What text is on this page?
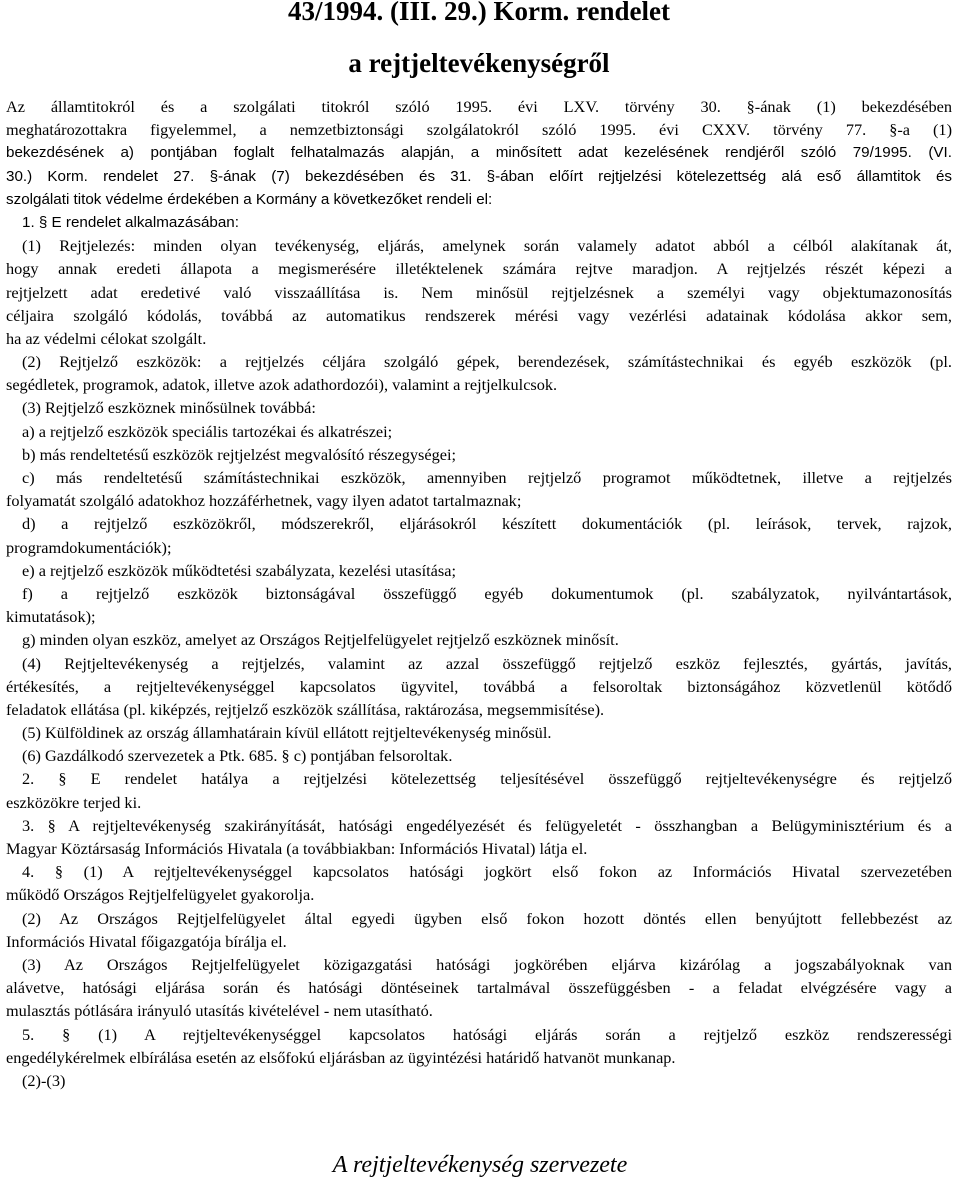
43/1994. (III. 29.) Korm. rendelet
a rejtjeltevékenységről
Az államtitokról és a szolgálati titokról szóló 1995. évi LXV. törvény 30. §-ának (1) bekezdésében
meghatározottakra figyelemmel, a nemzetbiztonsági szolgálatokról szóló 1995. évi CXXV. törvény 77. §-a (1)
bekezdésének a) pontjában foglalt felhatalmazás alapján, a minősített adat kezelésének rendjéről szóló 79/1995. (VI.
30.) Korm. rendelet 27. §-ának (7) bekezdésében és 31. §-ában előírt rejtjelzési kötelezettség alá eső államtitok és
szolgálati titok védelme érdekében a Kormány a következőket rendeli el:
1. § E rendelet alkalmazásában:
(1) Rejtjelezés: minden olyan tevékenység, eljárás, amelynek során valamely adatot abból a célból alakítanak át,
hogy annak eredeti állapota a megismerésére illetéktelenek számára rejtve maradjon. A rejtjelzés részét képezi a
rejtjelzett adat eredetivé való visszaállítása is. Nem minősül rejtjelzésnek a személyi vagy objektumazonosítás
céljaira szolgáló kódolás, továbbá az automatikus rendszerek mérési vagy vezérlési adatainak kódolása akkor sem,
ha az védelmi célokat szolgált.
(2) Rejtjelző eszközök: a rejtjelzés céljára szolgáló gépek, berendezések, számítástechnikai és egyéb eszközök (pl.
segédletek, programok, adatok, illetve azok adathordozói), valamint a rejtjelkulcsok.
(3) Rejtjelző eszköznek minősülnek továbbá:
a) a rejtjelző eszközök speciális tartozékai és alkatrészei;
b) más rendeltetésű eszközök rejtjelzést megvalósító részegységei;
c) más rendeltetésű számítástechnikai eszközök, amennyiben rejtjelző programot működtetnek, illetve a rejtjelzés
folyamatát szolgáló adatokhoz hozzáférhetnek, vagy ilyen adatot tartalmaznak;
d) a rejtjelző eszközökről, módszerekről, eljárásokról készített dokumentációk (pl. leírások, tervek, rajzok,
programdokumentációk);
e) a rejtjelző eszközök működtetési szabályzata, kezelési utasítása;
f) a rejtjelző eszközök biztonságával összefüggő egyéb dokumentumok (pl. szabályzatok, nyilvántartások,
kimutatások);
g) minden olyan eszköz, amelyet az Országos Rejtjelfelügyelet rejtjelző eszköznek minősít.
(4) Rejtjeltevékenység a rejtjelzés, valamint az azzal összefüggő rejtjelző eszköz fejlesztés, gyártás, javítás,
értékesítés, a rejtjeltevékenységgel kapcsolatos ügyvitel, továbbá a felsoroltak biztonságához közvetlenül kötődő
feladatok ellátása (pl. kiképzés, rejtjelző eszközök szállítása, raktározása, megsemmisítése).
(5) Külföldinek az ország államhatárain kívül ellátott rejtjeltevékenység minősül.
(6) Gazdálkodó szervezetek a Ptk. 685. § c) pontjában felsoroltak.
2. § E rendelet hatálya a rejtjelzési kötelezettség teljesítésével összefüggő rejtjeltevékenységre és rejtjelző
eszközökre terjed ki.
3. § A rejtjeltevékenység szakirányítását, hatósági engedélyezését és felügyeletét - összhangban a Belügyminisztérium és a
Magyar Köztársaság Információs Hivatala (a továbbiakban: Információs Hivatal) látja el.
4. § (1) A rejtjeltevékenységgel kapcsolatos hatósági jogkört első fokon az Információs Hivatal szervezetében
működő Országos Rejtjelfelügyelet gyakorolja.
(2) Az Országos Rejtjelfelügyelet által egyedi ügyben első fokon hozott döntés ellen benyújtott fellebbezést az
Információs Hivatal főigazgatója bírálja el.
(3) Az Országos Rejtjelfelügyelet közigazgatási hatósági jogkörében eljárva kizárólag a jogszabályoknak van
alávetve, hatósági eljárása során és hatósági döntéseinek tartalmával összefüggésben - a feladat elvégzésére vagy a
mulasztás pótlására irányuló utasítás kivételével - nem utasítható.
5. § (1) A rejtjeltevékenységgel kapcsolatos hatósági eljárás során a rejtjelző eszköz rendszerességi
engedélykérelmek elbírálása esetén az elsőfokú eljárásban az ügyintézési határidő hatvanöt munkanap.
(2)-(3)
A rejtjeltevékenység szervezete
